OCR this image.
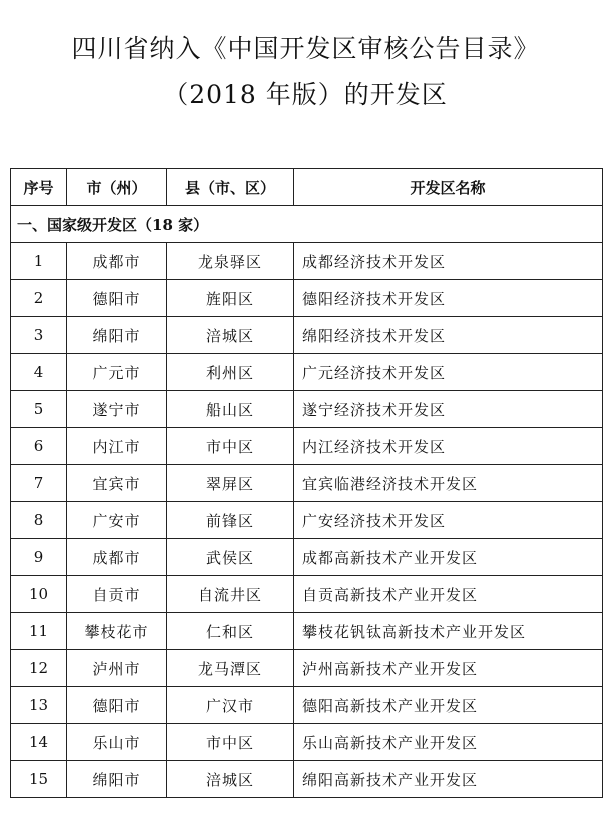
四川省纳入《中国开发区审核公告目录》
（2018 年版）的开发区
序号	市（州）	县（市、区）	开发区名称
一、国家级开发区（18 家）			
1	成都市	龙泉驿区	成都经济技术开发区
2	德阳市	旌阳区	德阳经济技术开发区
3	绵阳市	涪城区	绵阳经济技术开发区
4	广元市	利州区	广元经济技术开发区
5	遂宁市	船山区	遂宁经济技术开发区
6	内江市	市中区	内江经济技术开发区
7	宜宾市	翠屏区	宜宾临港经济技术开发区
8	广安市	前锋区	广安经济技术开发区
9	成都市	武侯区	成都高新技术产业开发区
10	自贡市	自流井区	自贡高新技术产业开发区
11	攀枝花市	仁和区	攀枝花钒钛高新技术产业开发区
12	泸州市	龙马潭区	泸州高新技术产业开发区
13	德阳市	广汉市	德阳高新技术产业开发区
14	乐山市	市中区	乐山高新技术产业开发区
15	绵阳市	涪城区	绵阳高新技术产业开发区
